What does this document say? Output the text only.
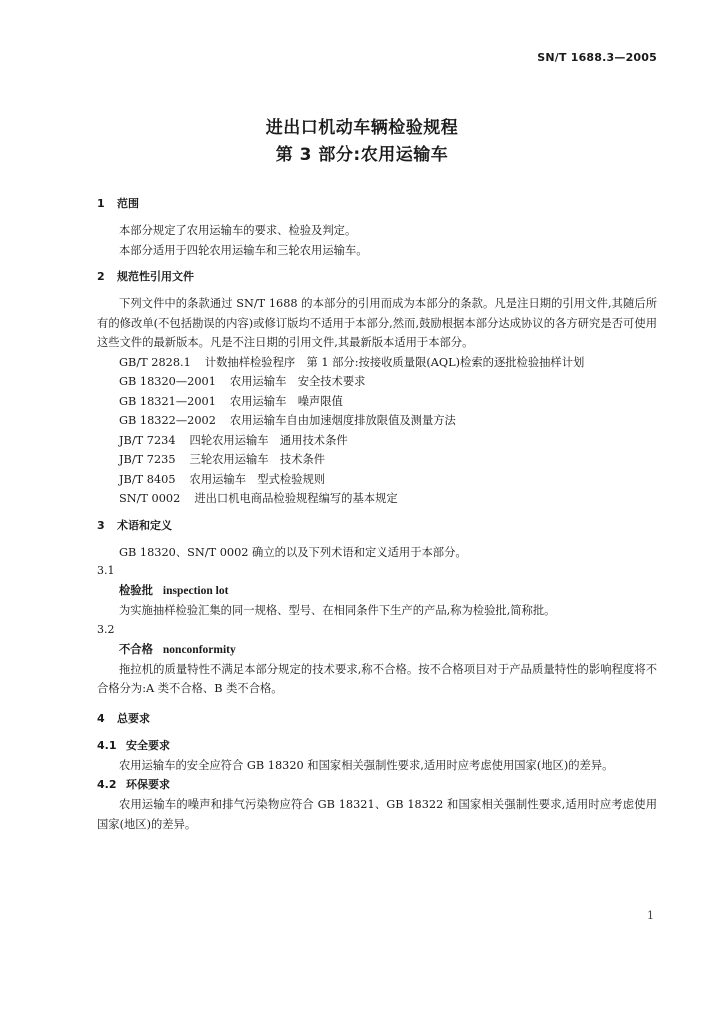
SN/T 1688.3—2005
进出口机动车辆检验规程
第 3 部分:农用运输车
1 范围

本部分规定了农用运输车的要求、检验及判定。

本部分适用于四轮农用运输车和三轮农用运输车。

2 规范性引用文件

下列文件中的条款通过 SN/T 1688 的本部分的引用而成为本部分的条款。凡是注日期的引用文件,其随后所有的修改单(不包括勘误的内容)或修订版均不适用于本部分,然而,鼓励根据本部分达成协议的各方研究是否可使用这些文件的最新版本。凡是不注日期的引用文件,其最新版本适用于本部分。

GB/T 2828.1 计数抽样检验程序　第 1 部分:按接收质量限(AQL)检索的逐批检验抽样计划
GB 18320—2001 农用运输车　安全技术要求
GB 18321—2001 农用运输车　噪声限值
GB 18322—2002 农用运输车自由加速烟度排放限值及测量方法
JB/T 7234 四轮农用运输车　通用技术条件
JB/T 7235 三轮农用运输车　技术条件
JB/T 8405 农用运输车　型式检验规则
SN/T 0002 进出口机电商品检验规程编写的基本规定
3 术语和定义

GB 18320、SN/T 0002 确立的以及下列术语和定义适用于本部分。

3.1
检验批 inspection lot

为实施抽样检验汇集的同一规格、型号、在相同条件下生产的产品,称为检验批,简称批。

3.2
不合格 nonconformity

拖拉机的质量特性不满足本部分规定的技术要求,称不合格。按不合格项目对于产品质量特性的影响程度将不合格分为:A 类不合格、B 类不合格。

4 总要求
4.1 安全要求

农用运输车的安全应符合 GB 18320 和国家相关强制性要求,适用时应考虑使用国家(地区)的差异。

4.2 环保要求

农用运输车的噪声和排气污染物应符合 GB 18321、GB 18322 和国家相关强制性要求,适用时应考虑使用国家(地区)的差异。

1
